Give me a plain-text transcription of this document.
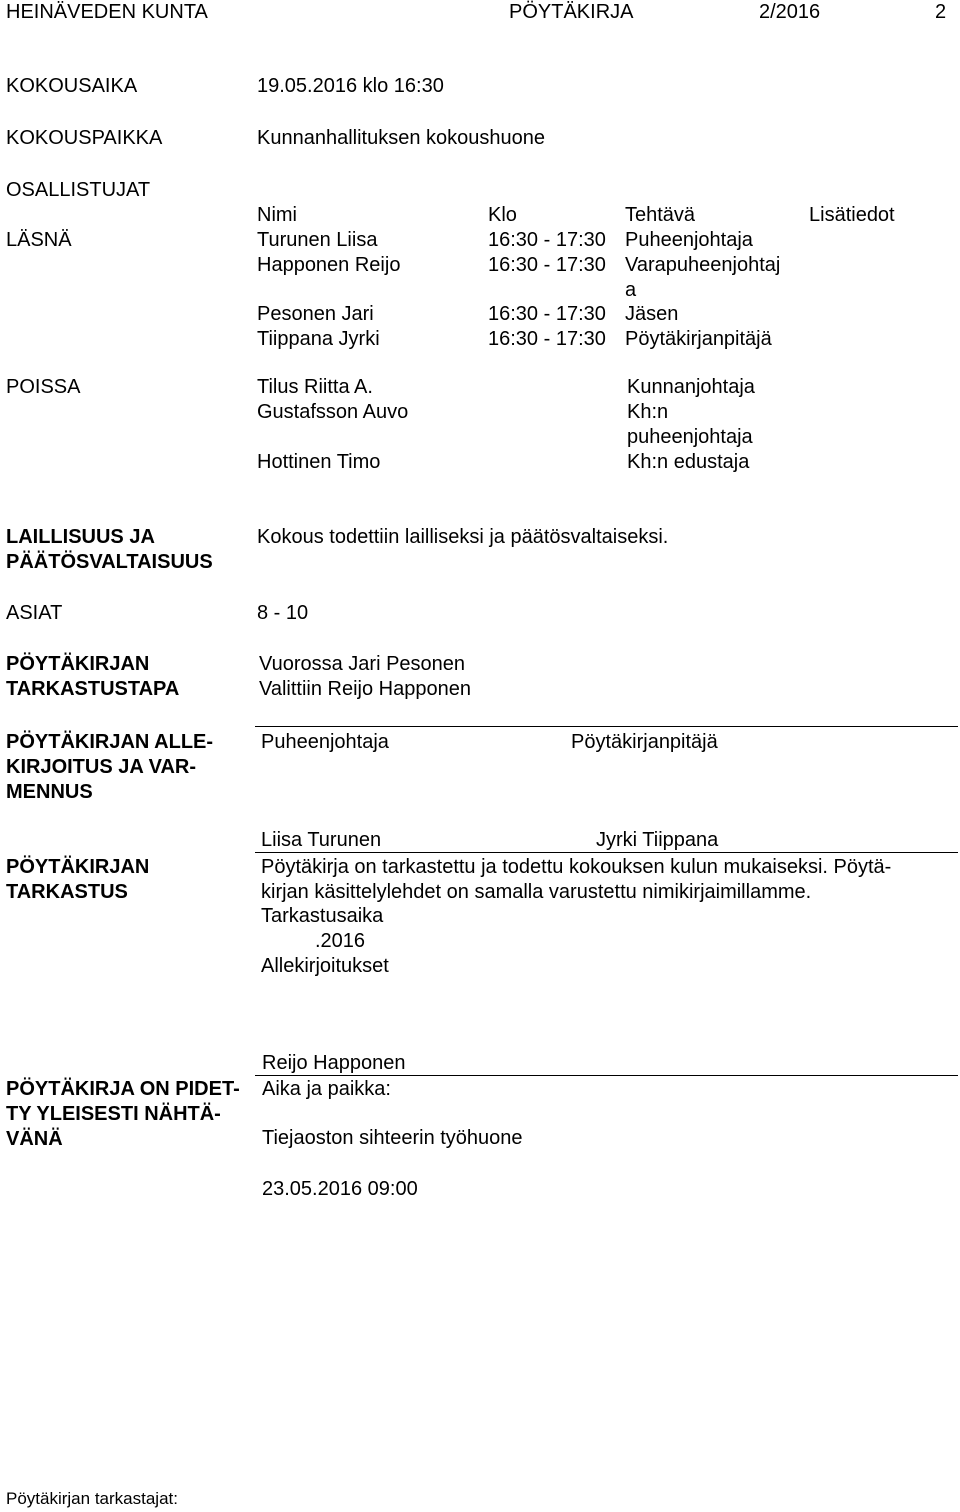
HEINÄVEDEN KUNTA	PÖYTÄKIRJA	2/2016	2
KOKOUSAIKA	19.05.2016 klo 16:30
KOKOUSPAIKKA	Kunnanhallituksen kokoushuone
OSALLISTUJAT
Nimi	Klo	Tehtävä	Lisätiedot
LÄSNÄ	Turunen Liisa	16:30 - 17:30 Puheenjohtaja
Happonen Reijo	16:30 - 17:30 Varapuheenjohtaj
a
Pesonen Jari	16:30 - 17:30 Jäsen
Tiippana Jyrki	16:30 - 17:30 Pöytäkirjanpitäjä
POISSA	Tilus Riitta A.	Kunnanjohtaja
Gustafsson Auvo	Kh:n
puheenjohtaja
Hottinen Timo	Kh:n edustaja
LAILLISUUS JA
PÄÄTÖSVALTAISUUS
Kokous todettiin lailliseksi ja päätösvaltaiseksi.
ASIAT	8 - 10
PÖYTÄKIRJAN
TARKASTUSTAPA
Vuorossa Jari Pesonen
Valittiin Reijo Happonen
PÖYTÄKIRJAN ALLE-
KIRJOITUS JA VAR-
MENNUS
Puheenjohtaja	Pöytäkirjanpitäjä
Liisa Turunen	Jyrki Tiippana
PÖYTÄKIRJAN
TARKASTUS
Pöytäkirja on tarkastettu ja todettu kokouksen kulun mukaiseksi. Pöytä-
kirjan käsittelylehdet on samalla varustettu nimikirjaimillamme.
Tarkastusaika
.2016
Allekirjoitukset
Reijo Happonen
PÖYTÄKIRJA ON PIDET-
TY YLEISESTI NÄHTÄ-
VÄNÄ
Aika ja paikka:
Tiejaoston sihteerin työhuone
23.05.2016 09:00
Pöytäkirjan tarkastajat:
